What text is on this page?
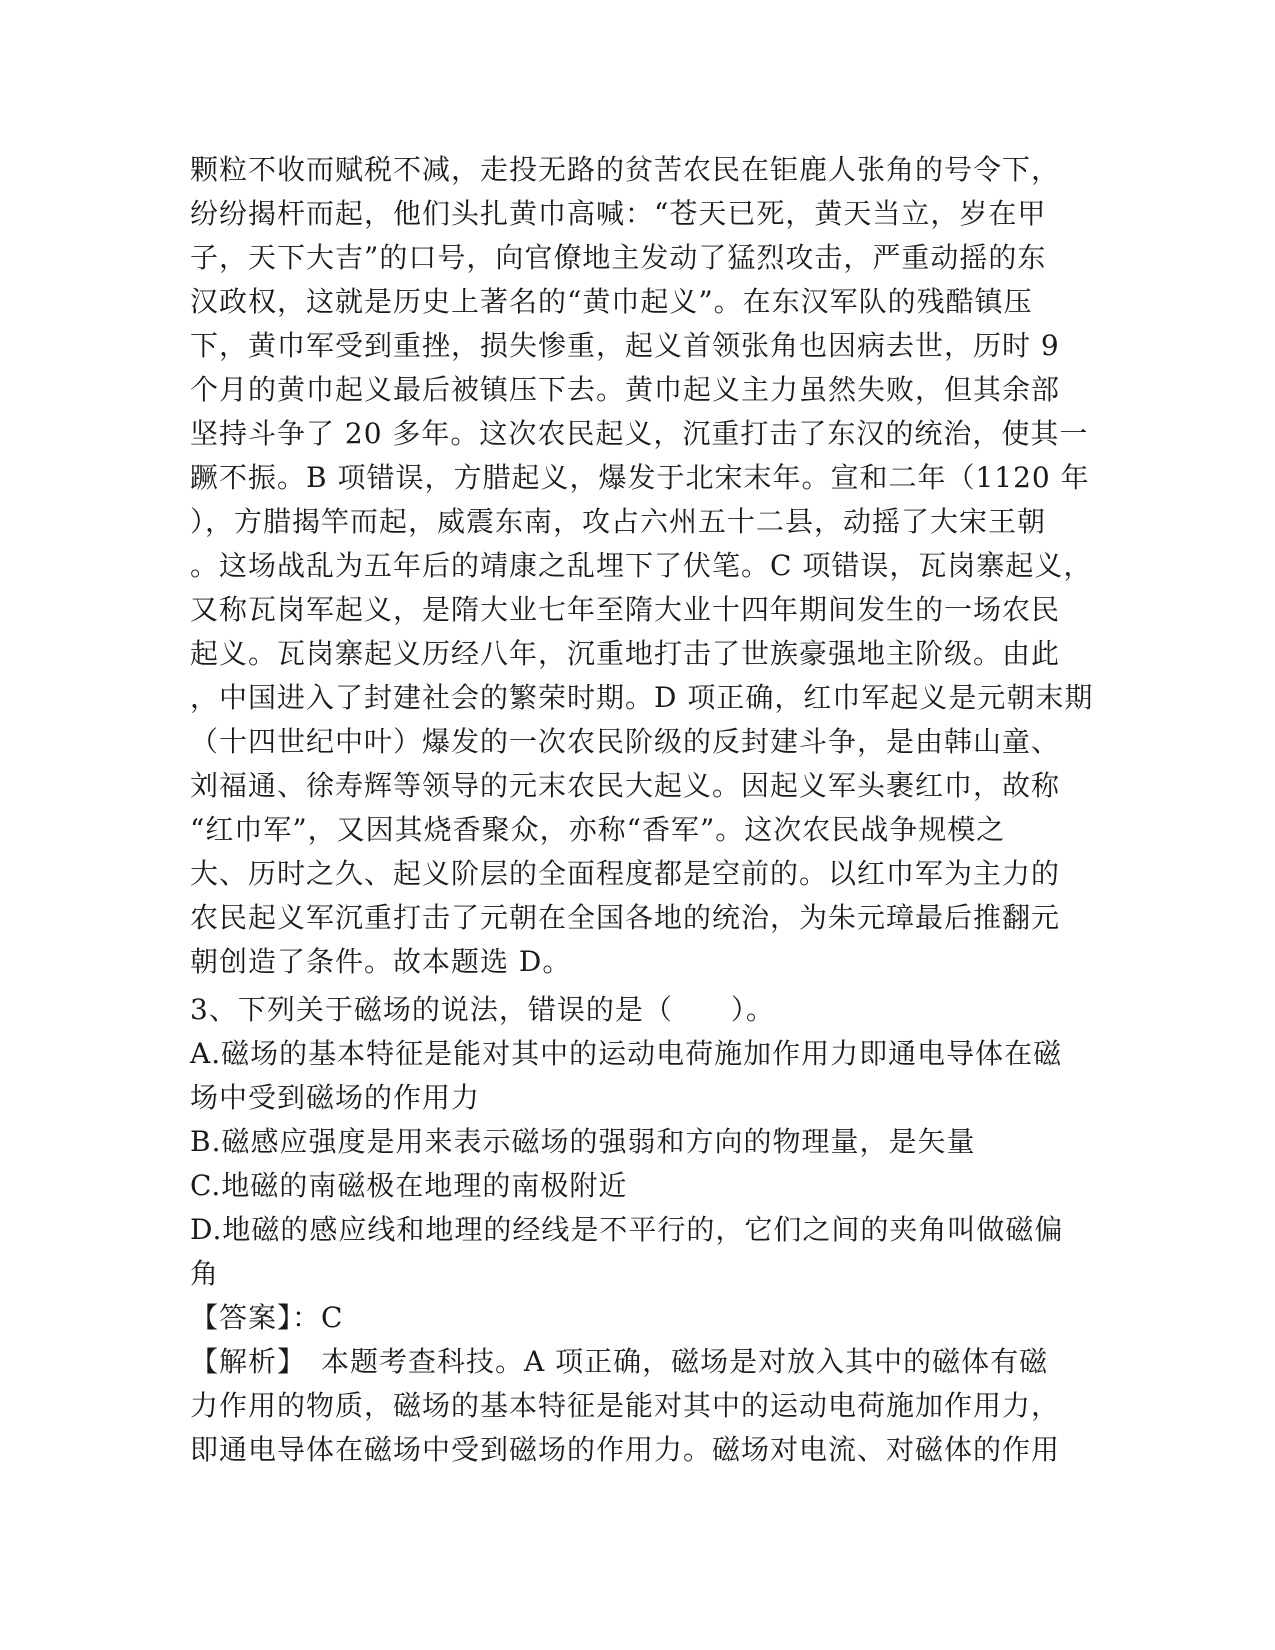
颗粒不收而赋税不减，走投无路的贫苦农民在钜鹿人张角的号令下，
纷纷揭杆而起，他们头扎黄巾高喊：“苍天已死，黄天当立，岁在甲
子，天下大吉”的口号，向官僚地主发动了猛烈攻击，严重动摇的东
汉政权，这就是历史上著名的“黄巾起义”。在东汉军队的残酷镇压
下，黄巾军受到重挫，损失惨重，起义首领张角也因病去世，历时 9
个月的黄巾起义最后被镇压下去。黄巾起义主力虽然失败，但其余部
坚持斗争了 20 多年。这次农民起义，沉重打击了东汉的统治，使其一
蹶不振。B 项错误，方腊起义，爆发于北宋末年。宣和二年（1120 年
），方腊揭竿而起，威震东南，攻占六州五十二县，动摇了大宋王朝
。这场战乱为五年后的靖康之乱埋下了伏笔。C 项错误，瓦岗寨起义，
又称瓦岗军起义，是隋大业七年至隋大业十四年期间发生的一场农民
起义。瓦岗寨起义历经八年，沉重地打击了世族豪强地主阶级。由此
，中国进入了封建社会的繁荣时期。D 项正确，红巾军起义是元朝末期
（十四世纪中叶）爆发的一次农民阶级的反封建斗争，是由韩山童、
刘福通、徐寿辉等领导的元末农民大起义。因起义军头裹红巾，故称
“红巾军”，又因其烧香聚众，亦称“香军”。这次农民战争规模之
大、历时之久、起义阶层的全面程度都是空前的。以红巾军为主力的
农民起义军沉重打击了元朝在全国各地的统治，为朱元璋最后推翻元
朝创造了条件。故本题选 D。
3、下列关于磁场的说法，错误的是（　　）。
A.磁场的基本特征是能对其中的运动电荷施加作用力即通电导体在磁
场中受到磁场的作用力
B.磁感应强度是用来表示磁场的强弱和方向的物理量，是矢量
C.地磁的南磁极在地理的南极附近
D.地磁的感应线和地理的经线是不平行的，它们之间的夹角叫做磁偏
角
【答案】：C
【解析】　本题考查科技。A 项正确，磁场是对放入其中的磁体有磁
力作用的物质，磁场的基本特征是能对其中的运动电荷施加作用力，
即通电导体在磁场中受到磁场的作用力。磁场对电流、对磁体的作用
